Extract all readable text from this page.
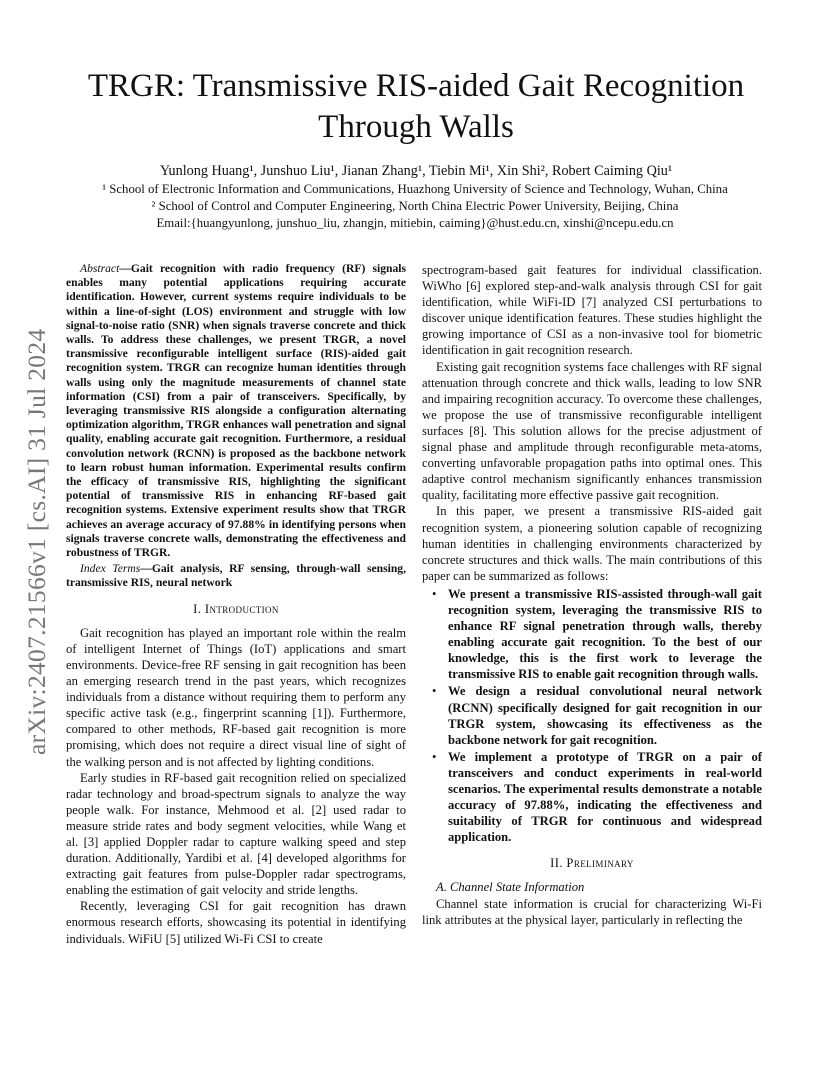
arXiv:2407.21566v1 [cs.AI] 31 Jul 2024
TRGR: Transmissive RIS-aided Gait Recognition
Through Walls
Yunlong Huang¹, Junshuo Liu¹, Jianan Zhang¹, Tiebin Mi¹, Xin Shi², Robert Caiming Qiu¹
¹ School of Electronic Information and Communications, Huazhong University of Science and Technology, Wuhan, China
² School of Control and Computer Engineering, North China Electric Power University, Beijing, China
Email:{huangyunlong, junshuo_liu, zhangjn, mitiebin, caiming}@hust.edu.cn, xinshi@ncepu.edu.cn

Abstract—Gait recognition with radio frequency (RF) signals enables many potential applications requiring accurate identification. However, current systems require individuals to be within a line-of-sight (LOS) environment and struggle with low signal-to-noise ratio (SNR) when signals traverse concrete and thick walls. To address these challenges, we present TRGR, a novel transmissive reconfigurable intelligent surface (RIS)-aided gait recognition system. TRGR can recognize human identities through walls using only the magnitude measurements of channel state information (CSI) from a pair of transceivers. Specifically, by leveraging transmissive RIS alongside a configuration alternating optimization algorithm, TRGR enhances wall penetration and signal quality, enabling accurate gait recognition. Furthermore, a residual convolution network (RCNN) is proposed as the backbone network to learn robust human information. Experimental results confirm the efficacy of transmissive RIS, highlighting the significant potential of transmissive RIS in enhancing RF-based gait recognition systems. Extensive experiment results show that TRGR achieves an average accuracy of 97.88% in identifying persons when signals traverse concrete walls, demonstrating the effectiveness and robustness of TRGR.

Index Terms—Gait analysis, RF sensing, through-wall sensing, transmissive RIS, neural network

I. Introduction

Gait recognition has played an important role within the realm of intelligent Internet of Things (IoT) applications and smart environments. Device-free RF sensing in gait recognition has been an emerging research trend in the past years, which recognizes individuals from a distance without requiring them to perform any specific active task (e.g., fingerprint scanning [1]). Furthermore, compared to other methods, RF-based gait recognition is more promising, which does not require a direct visual line of sight of the walking person and is not affected by lighting conditions.

Early studies in RF-based gait recognition relied on specialized radar technology and broad-spectrum signals to analyze the way people walk. For instance, Mehmood et al. [2] used radar to measure stride rates and body segment velocities, while Wang et al. [3] applied Doppler radar to capture walking speed and step duration. Additionally, Yardibi et al. [4] developed algorithms for extracting gait features from pulse-Doppler radar spectrograms, enabling the estimation of gait velocity and stride lengths.

Recently, leveraging CSI for gait recognition has drawn enormous research efforts, showcasing its potential in identifying individuals. WiFiU [5] utilized Wi-Fi CSI to create

spectrogram-based gait features for individual classification. WiWho [6] explored step-and-walk analysis through CSI for gait identification, while WiFi-ID [7] analyzed CSI perturbations to discover unique identification features. These studies highlight the growing importance of CSI as a non-invasive tool for biometric identification in gait recognition research.

Existing gait recognition systems face challenges with RF signal attenuation through concrete and thick walls, leading to low SNR and impairing recognition accuracy. To overcome these challenges, we propose the use of transmissive reconfigurable intelligent surfaces [8]. This solution allows for the precise adjustment of signal phase and amplitude through reconfigurable meta-atoms, converting unfavorable propagation paths into optimal ones. This adaptive control mechanism significantly enhances transmission quality, facilitating more effective passive gait recognition.

In this paper, we present a transmissive RIS-aided gait recognition system, a pioneering solution capable of recognizing human identities in challenging environments characterized by concrete structures and thick walls. The main contributions of this paper can be summarized as follows:

• We present a transmissive RIS-assisted through-wall gait recognition system, leveraging the transmissive RIS to enhance RF signal penetration through walls, thereby enabling accurate gait recognition. To the best of our knowledge, this is the first work to leverage the transmissive RIS to enable gait recognition through walls.
• We design a residual convolutional neural network (RCNN) specifically designed for gait recognition in our TRGR system, showcasing its effectiveness as the backbone network for gait recognition.
• We implement a prototype of TRGR on a pair of transceivers and conduct experiments in real-world scenarios. The experimental results demonstrate a notable accuracy of 97.88%, indicating the effectiveness and suitability of TRGR for continuous and widespread application.
II. Preliminary

A. Channel State Information

Channel state information is crucial for characterizing Wi-Fi link attributes at the physical layer, particularly in reflecting the
